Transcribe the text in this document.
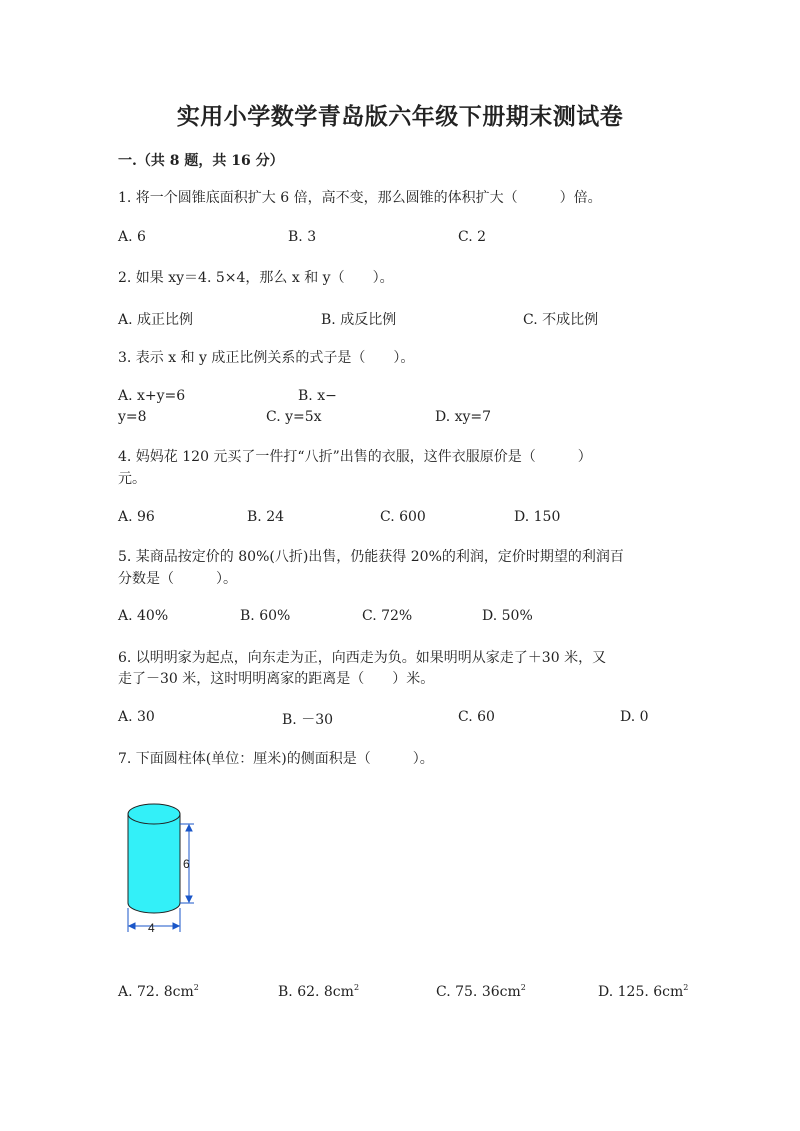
实用小学数学青岛版六年级下册期末测试卷
一.（共 8 题，共 16 分）
1. 将一个圆锥底面积扩大 6 倍，高不变，那么圆锥的体积扩大（　　　）倍。
A. 6	B. 3	C. 2
2. 如果 xy＝4. 5×4，那么 x 和 y（　　）。
A. 成正比例	B. 成反比例	C. 不成比例
3. 表示 x 和 y 成正比例关系的式子是（　　）。
A. x+y=6	B. x−
y=8	C. y=5x	D. xy=7
4. 妈妈花 120 元买了一件打“八折”出售的衣服，这件衣服原价是（　　　）
元。
A. 96	B. 24	C. 600	D. 150
5. 某商品按定价的 80%(八折)出售，仍能获得 20%的利润，定价时期望的利润百
分数是（　　　）。
A. 40%	B. 60%	C. 72%	D. 50%
6. 以明明家为起点，向东走为正，向西走为负。如果明明从家走了＋30 米，又
走了－30 米，这时明明离家的距离是（　　）米。
A. 30	B. －30	C. 60	D. 0
7. 下面圆柱体(单位：厘米)的侧面积是（　　　）。
6
4
A. 72. $8cm^2$	B. 62. $8cm^2$	C. 75. $36cm^2$	D. 125. $6cm^2$
